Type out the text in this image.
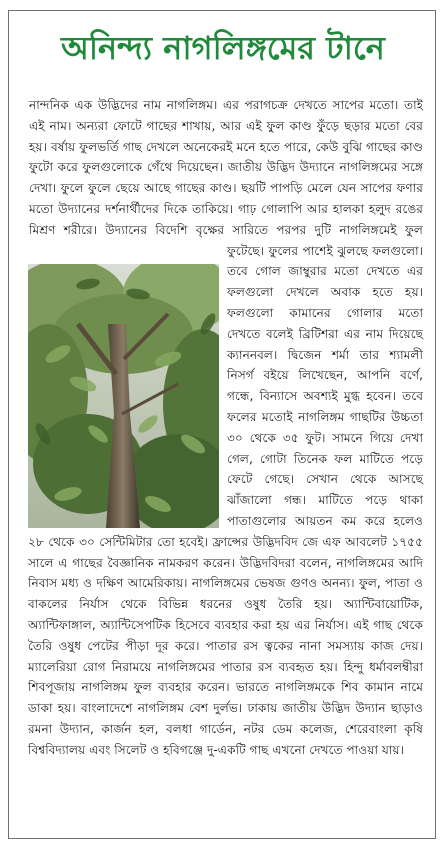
অনিন্দ্য নাগলিঙ্গমের টানে

নান্দনিক এক উদ্ভিদের নাম নাগলিঙ্গম। এর পরাগচক্র দেখতে সাপের মতো। তাই এই নাম। অন্যরা ফোটে গাছের শাখায়, আর এই ফুল কাণ্ড ফুঁড়ে ছড়ার মতো বের হয়। বর্ষায় ফুলভর্তি গাছ দেখলে অনেকেরই মনে হতে পারে, কেউ বুঝি গাছের কাণ্ড ফুটো করে ফুলগুলোকে গেঁথে দিয়েছেন। জাতীয় উদ্ভিদ উদ্যানে নাগলিঙ্গমের সঙ্গে দেখা। ফুলে ফুলে ছেয়ে আছে গাছের কাণ্ড। ছয়টি পাপড়ি মেলে যেন সাপের ফণার মতো উদ্যানের দর্শনার্থীদের দিকে তাকিয়ে। গাঢ় গোলাপি আর হালকা হলুদ রঙের মিশ্রণ শরীরে। উদ্যানের বিদেশি বৃক্ষের সারিতে পরপর দুটি নাগলিঙ্গমেই ফুল ফুটেছে। ফুলের পাশেই ঝুলছে ফলগুলো। তবে গোল জাম্বুরার মতো দেখতে এর ফলগুলো দেখলে অবাক হতে হয়। ফলগুলো কামানের গোলার মতো দেখতে বলেই ব্রিটিশরা এর নাম দিয়েছে ক্যাননবল। দ্বিজেন শর্মা তার শ্যামলী নিসর্গ বইয়ে লিখেছেন, আপনি বর্ণে, গন্ধে, বিন্যাসে অবশ্যই মুগ্ধ হবেন। তবে ফলের মতোই নাগলিঙ্গম গাছটির উচ্চতা ৩০ থেকে ৩৫ ফুট। সামনে গিয়ে দেখা গেল, গোটা তিনেক ফল মাটিতে পড়ে ফেটে গেছে। সেখান থেকে আসছে ঝাঁজালো গন্ধ। মাটিতে পড়ে থাকা পাতাগুলোর আয়তন কম করে হলেও ২৮ থেকে ৩০ সেন্টিমিটার তো হবেই। ফ্রান্সের উদ্ভিদবিদ জে এফ আবলেট ১৭৫৫ সালে এ গাছের বৈজ্ঞানিক নামকরণ করেন। উদ্ভিদবিদরা বলেন, নাগলিঙ্গমের আদি নিবাস মধ্য ও দক্ষিণ আমেরিকায়। নাগলিঙ্গমের ভেষজ গুণও অনন্য। ফুল, পাতা ও বাকলের নির্যাস থেকে বিভিন্ন ধরনের ওষুধ তৈরি হয়। অ্যান্টিবায়োটিক, অ্যান্টিফাঙ্গাল, অ্যান্টিসেপটিক হিসেবে ব্যবহার করা হয় এর নির্যাস। এই গাছ থেকে তৈরি ওষুধ পেটের পীড়া দূর করে। পাতার রস ত্বকের নানা সমস্যায় কাজ দেয়। ম্যালেরিয়া রোগ নিরাময়ে নাগলিঙ্গমের পাতার রস ব্যবহৃত হয়। হিন্দু ধর্মাবলম্বীরা শিবপূজায় নাগলিঙ্গম ফুল ব্যবহার করেন। ভারতে নাগলিঙ্গমকে শিব কামান নামে ডাকা হয়। বাংলাদেশে নাগলিঙ্গম বেশ দুর্লভ। ঢাকায় জাতীয় উদ্ভিদ উদ্যান ছাড়াও রমনা উদ্যান, কার্জন হল, বলধা গার্ডেন, নটর ডেম কলেজ, শেরেবাংলা কৃষি বিশ্ববিদ্যালয় এবং সিলেট ও হবিগঞ্জে দু-একটি গাছ এখনো দেখতে পাওয়া যায়।
